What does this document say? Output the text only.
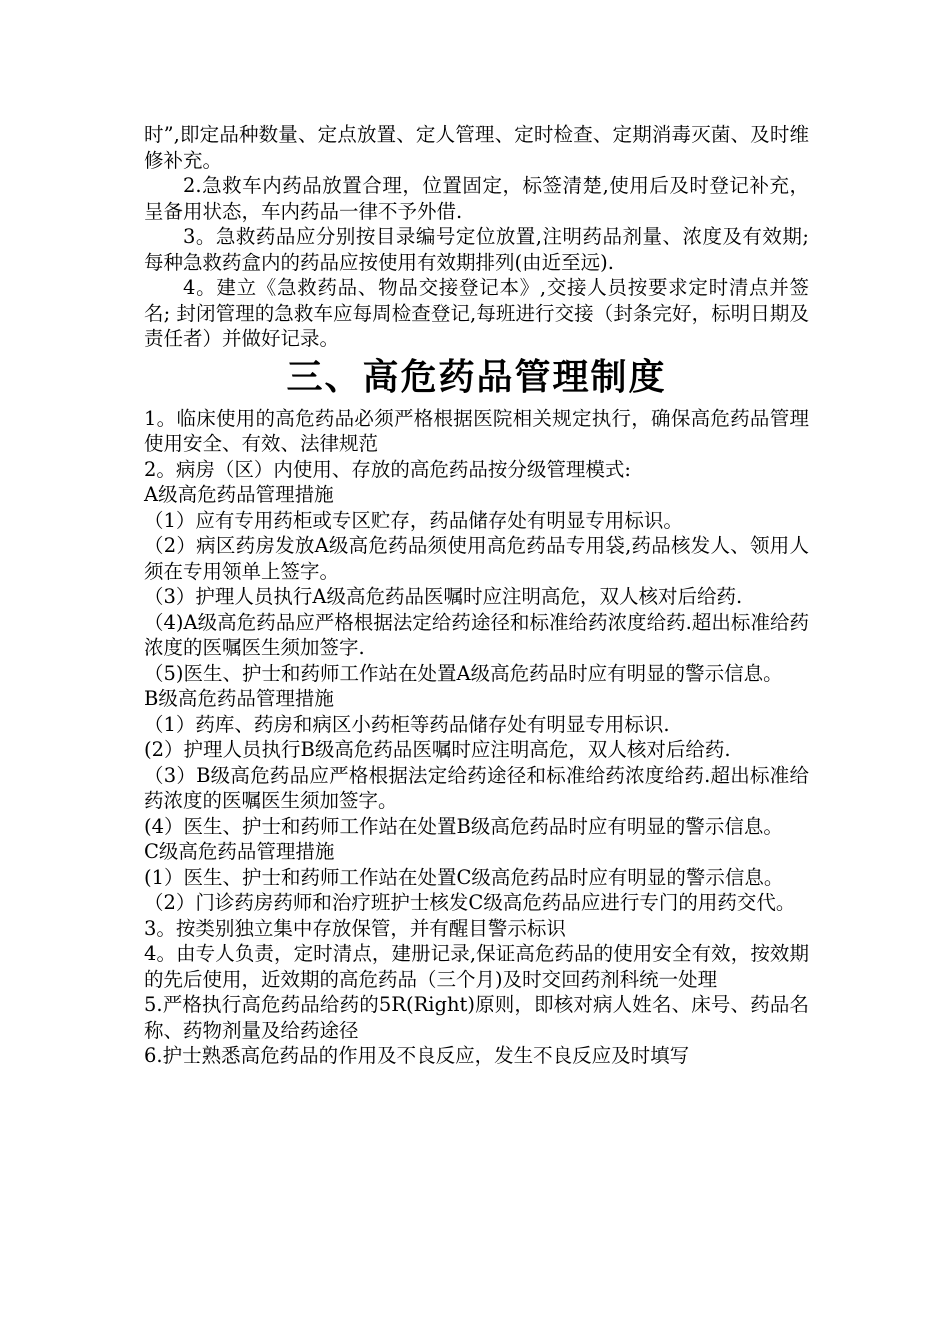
时”,即定品种数量、定点放置、定人管理、定时检查、定期消毒灭菌、及时维修补充。

2.急救车内药品放置合理，位置固定，标签清楚,使用后及时登记补充，呈备用状态，车内药品一律不予外借.

3。急救药品应分别按目录编号定位放置,注明药品剂量、浓度及有效期; 每种急救药盒内的药品应按使用有效期排列(由近至远).

4。建立《急救药品、物品交接登记本》,交接人员按要求定时清点并签名; 封闭管理的急救车应每周检查登记,每班进行交接（封条完好，标明日期及责任者）并做好记录。

三、高危药品管理制度

1。临床使用的高危药品必须严格根据医院相关规定执行，确保高危药品管理使用安全、有效、法律规范

2。病房（区）内使用、存放的高危药品按分级管理模式:

A级高危药品管理措施

（1）应有专用药柜或专区贮存，药品储存处有明显专用标识。

（2）病区药房发放A级高危药品须使用高危药品专用袋,药品核发人、领用人须在专用领单上签字。

（3）护理人员执行A级高危药品医嘱时应注明高危，双人核对后给药.

（4)A级高危药品应严格根据法定给药途径和标准给药浓度给药.超出标准给药浓度的医嘱医生须加签字.

（5)医生、护士和药师工作站在处置A级高危药品时应有明显的警示信息。

B级高危药品管理措施

（1）药库、药房和病区小药柜等药品储存处有明显专用标识.

(2）护理人员执行B级高危药品医嘱时应注明高危，双人核对后给药.

（3）B级高危药品应严格根据法定给药途径和标准给药浓度给药.超出标准给药浓度的医嘱医生须加签字。

(4）医生、护士和药师工作站在处置B级高危药品时应有明显的警示信息。

C级高危药品管理措施

(1）医生、护士和药师工作站在处置C级高危药品时应有明显的警示信息。

（2）门诊药房药师和治疗班护士核发C级高危药品应进行专门的用药交代。

3。按类别独立集中存放保管，并有醒目警示标识

4。由专人负责，定时清点，建册记录,保证高危药品的使用安全有效，按效期的先后使用，近效期的高危药品（三个月)及时交回药剂科统一处理

5.严格执行高危药品给药的5R(Right)原则，即核对病人姓名、床号、药品名称、药物剂量及给药途径

6.护士熟悉高危药品的作用及不良反应，发生不良反应及时填写
